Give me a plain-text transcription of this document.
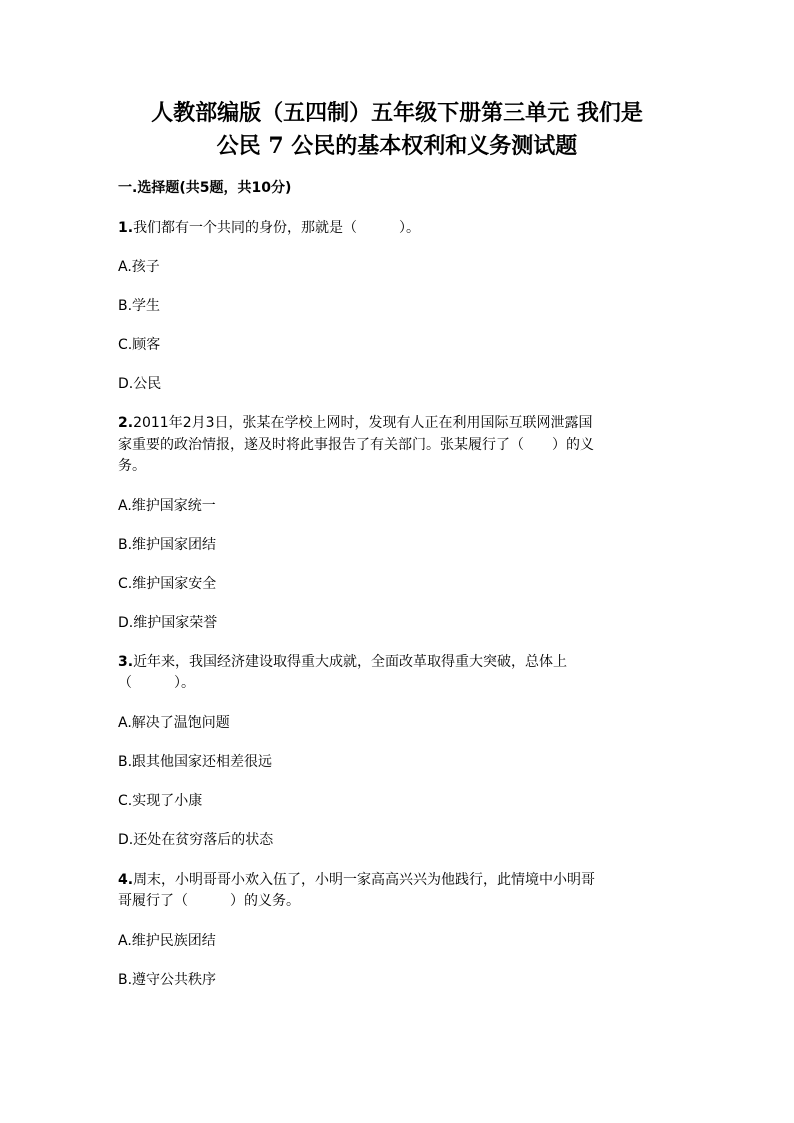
人教部编版（五四制）五年级下册第三单元 我们是
公民 7 公民的基本权利和义务测试题
一.选择题(共5题，共10分)
1.我们都有一个共同的身份，那就是（　　　）。
A.孩子
B.学生
C.顾客
D.公民
2.2011年2月3日，张某在学校上网时，发现有人正在利用国际互联网泄露国
家重要的政治情报，遂及时将此事报告了有关部门。张某履行了（　　）的义
务。
A.维护国家统一
B.维护国家团结
C.维护国家安全
D.维护国家荣誉
3.近年来，我国经济建设取得重大成就，全面改革取得重大突破，总体上
（　　　）。
A.解决了温饱问题
B.跟其他国家还相差很远
C.实现了小康
D.还处在贫穷落后的状态
4.周末，小明哥哥小欢入伍了，小明一家高高兴兴为他践行，此情境中小明哥
哥履行了（　　　）的义务。
A.维护民族团结
B.遵守公共秩序
